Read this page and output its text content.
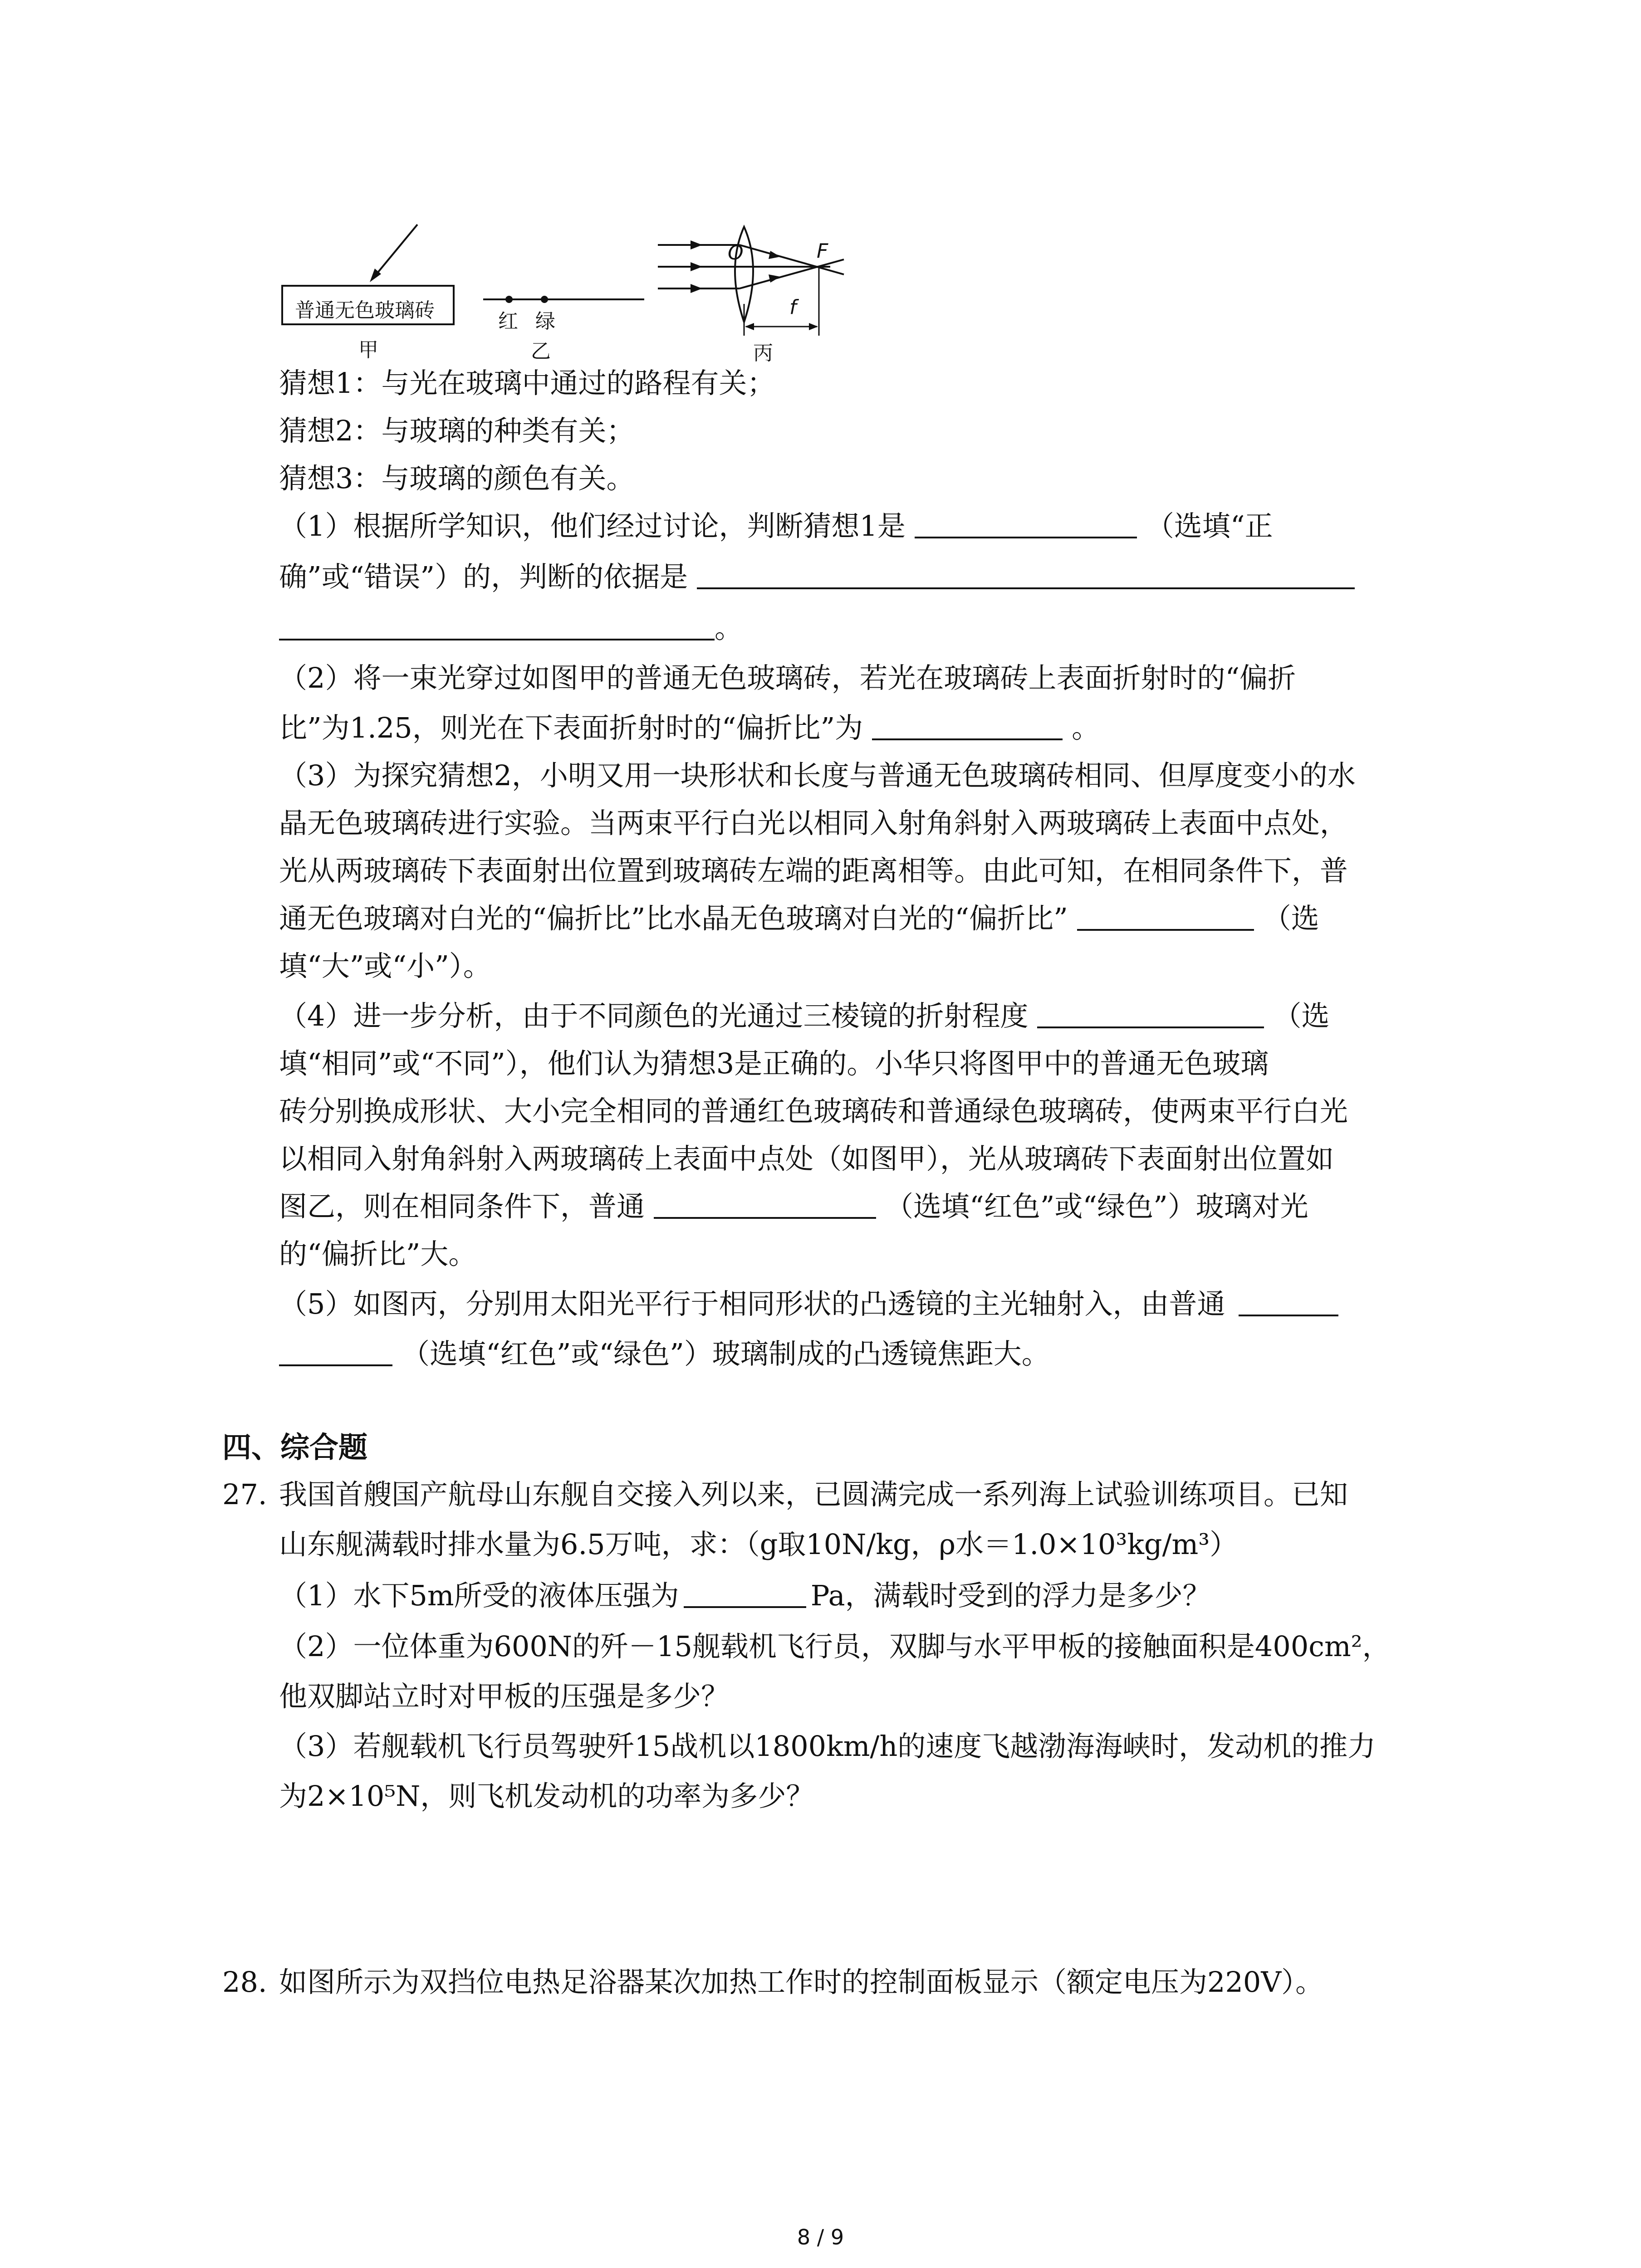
普通无色玻璃砖
甲
红 绿
乙
O	F
f
丙
猜想1：与光在玻璃中通过的路程有关；
猜想2：与玻璃的种类有关；
猜想3：与玻璃的颜色有关。
（1）根据所学知识，他们经过讨论，判断猜想1是	（选填“正
确”或“错误”）的，判断的依据是
。
（2）将一束光穿过如图甲的普通无色玻璃砖，若光在玻璃砖上表面折射时的“偏折
比”为1.25，则光在下表面折射时的“偏折比”为	。
（3）为探究猜想2，小明又用一块形状和长度与普通无色玻璃砖相同、但厚度变小的水
晶无色玻璃砖进行实验。当两束平行白光以相同入射角斜射入两玻璃砖上表面中点处，
光从两玻璃砖下表面射出位置到玻璃砖左端的距离相等。由此可知，在相同条件下，普
通无色玻璃对白光的“偏折比”比水晶无色玻璃对白光的“偏折比”	（选
填“大”或“小”）。
（4）进一步分析，由于不同颜色的光通过三棱镜的折射程度	（选
填“相同”或“不同”），他们认为猜想3是正确的。小华只将图甲中的普通无色玻璃
砖分别换成形状、大小完全相同的普通红色玻璃砖和普通绿色玻璃砖，使两束平行白光
以相同入射角斜射入两玻璃砖上表面中点处（如图甲），光从玻璃砖下表面射出位置如
图乙，则在相同条件下，普通	（选填“红色”或“绿色”）玻璃对光
的“偏折比”大。
（5）如图丙，分别用太阳光平行于相同形状的凸透镜的主光轴射入，由普通
（选填“红色”或“绿色”）玻璃制成的凸透镜焦距大。
四、综合题
27. 我国首艘国产航母山东舰自交接入列以来，已圆满完成一系列海上试验训练项目。已知
山东舰满载时排水量为6.5万吨，求：（g取10N/kg，ρ水＝1.0×10³kg/m³）
（1）水下5m所受的液体压强为	Pa，满载时受到的浮力是多少？
（2）一位体重为600N的歼－15舰载机飞行员，双脚与水平甲板的接触面积是400cm²，
他双脚站立时对甲板的压强是多少？
（3）若舰载机飞行员驾驶歼15战机以1800km/h的速度飞越渤海海峡时，发动机的推力
为2×10⁵N，则飞机发动机的功率为多少？
28. 如图所示为双挡位电热足浴器某次加热工作时的控制面板显示（额定电压为220V）。
8 / 9
